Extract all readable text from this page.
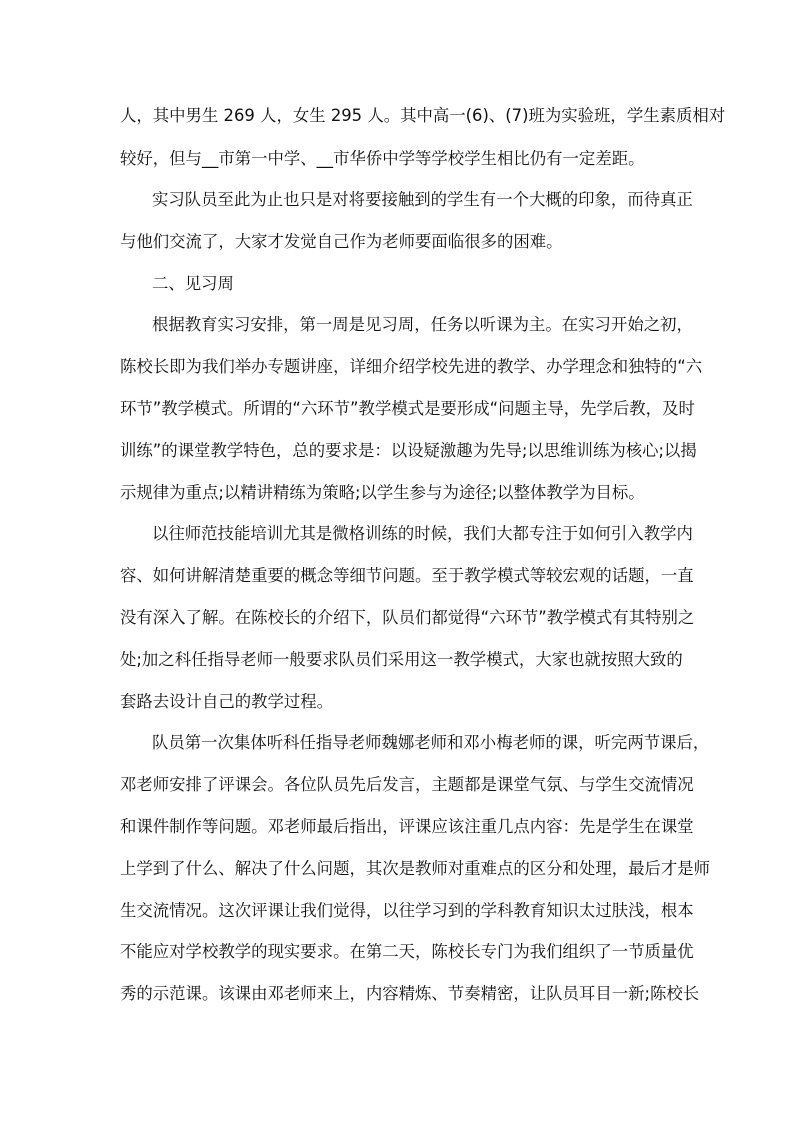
人，其中男生 269 人，女生 295 人。其中高一(6)、(7)班为实验班，学生素质相对
较好，但与__市第一中学、__市华侨中学等学校学生相比仍有一定差距。
实习队员至此为止也只是对将要接触到的学生有一个大概的印象，而待真正
与他们交流了，大家才发觉自己作为老师要面临很多的困难。
二、见习周
根据教育实习安排，第一周是见习周，任务以听课为主。在实习开始之初，
陈校长即为我们举办专题讲座，详细介绍学校先进的教学、办学理念和独特的“六
环节”教学模式。所谓的“六环节”教学模式是要形成“问题主导，先学后教，及时
训练”的课堂教学特色，总的要求是：以设疑激趣为先导;以思维训练为核心;以揭
示规律为重点;以精讲精练为策略;以学生参与为途径;以整体教学为目标。
以往师范技能培训尤其是微格训练的时候，我们大都专注于如何引入教学内
容、如何讲解清楚重要的概念等细节问题。至于教学模式等较宏观的话题，一直
没有深入了解。在陈校长的介绍下，队员们都觉得“六环节”教学模式有其特别之
处;加之科任指导老师一般要求队员们采用这一教学模式，大家也就按照大致的
套路去设计自己的教学过程。
队员第一次集体听科任指导老师魏娜老师和邓小梅老师的课，听完两节课后，
邓老师安排了评课会。各位队员先后发言，主题都是课堂气氛、与学生交流情况
和课件制作等问题。邓老师最后指出，评课应该注重几点内容：先是学生在课堂
上学到了什么、解决了什么问题，其次是教师对重难点的区分和处理，最后才是师
生交流情况。这次评课让我们觉得，以往学习到的学科教育知识太过肤浅，根本
不能应对学校教学的现实要求。在第二天，陈校长专门为我们组织了一节质量优
秀的示范课。该课由邓老师来上，内容精炼、节奏精密，让队员耳目一新;陈校长
